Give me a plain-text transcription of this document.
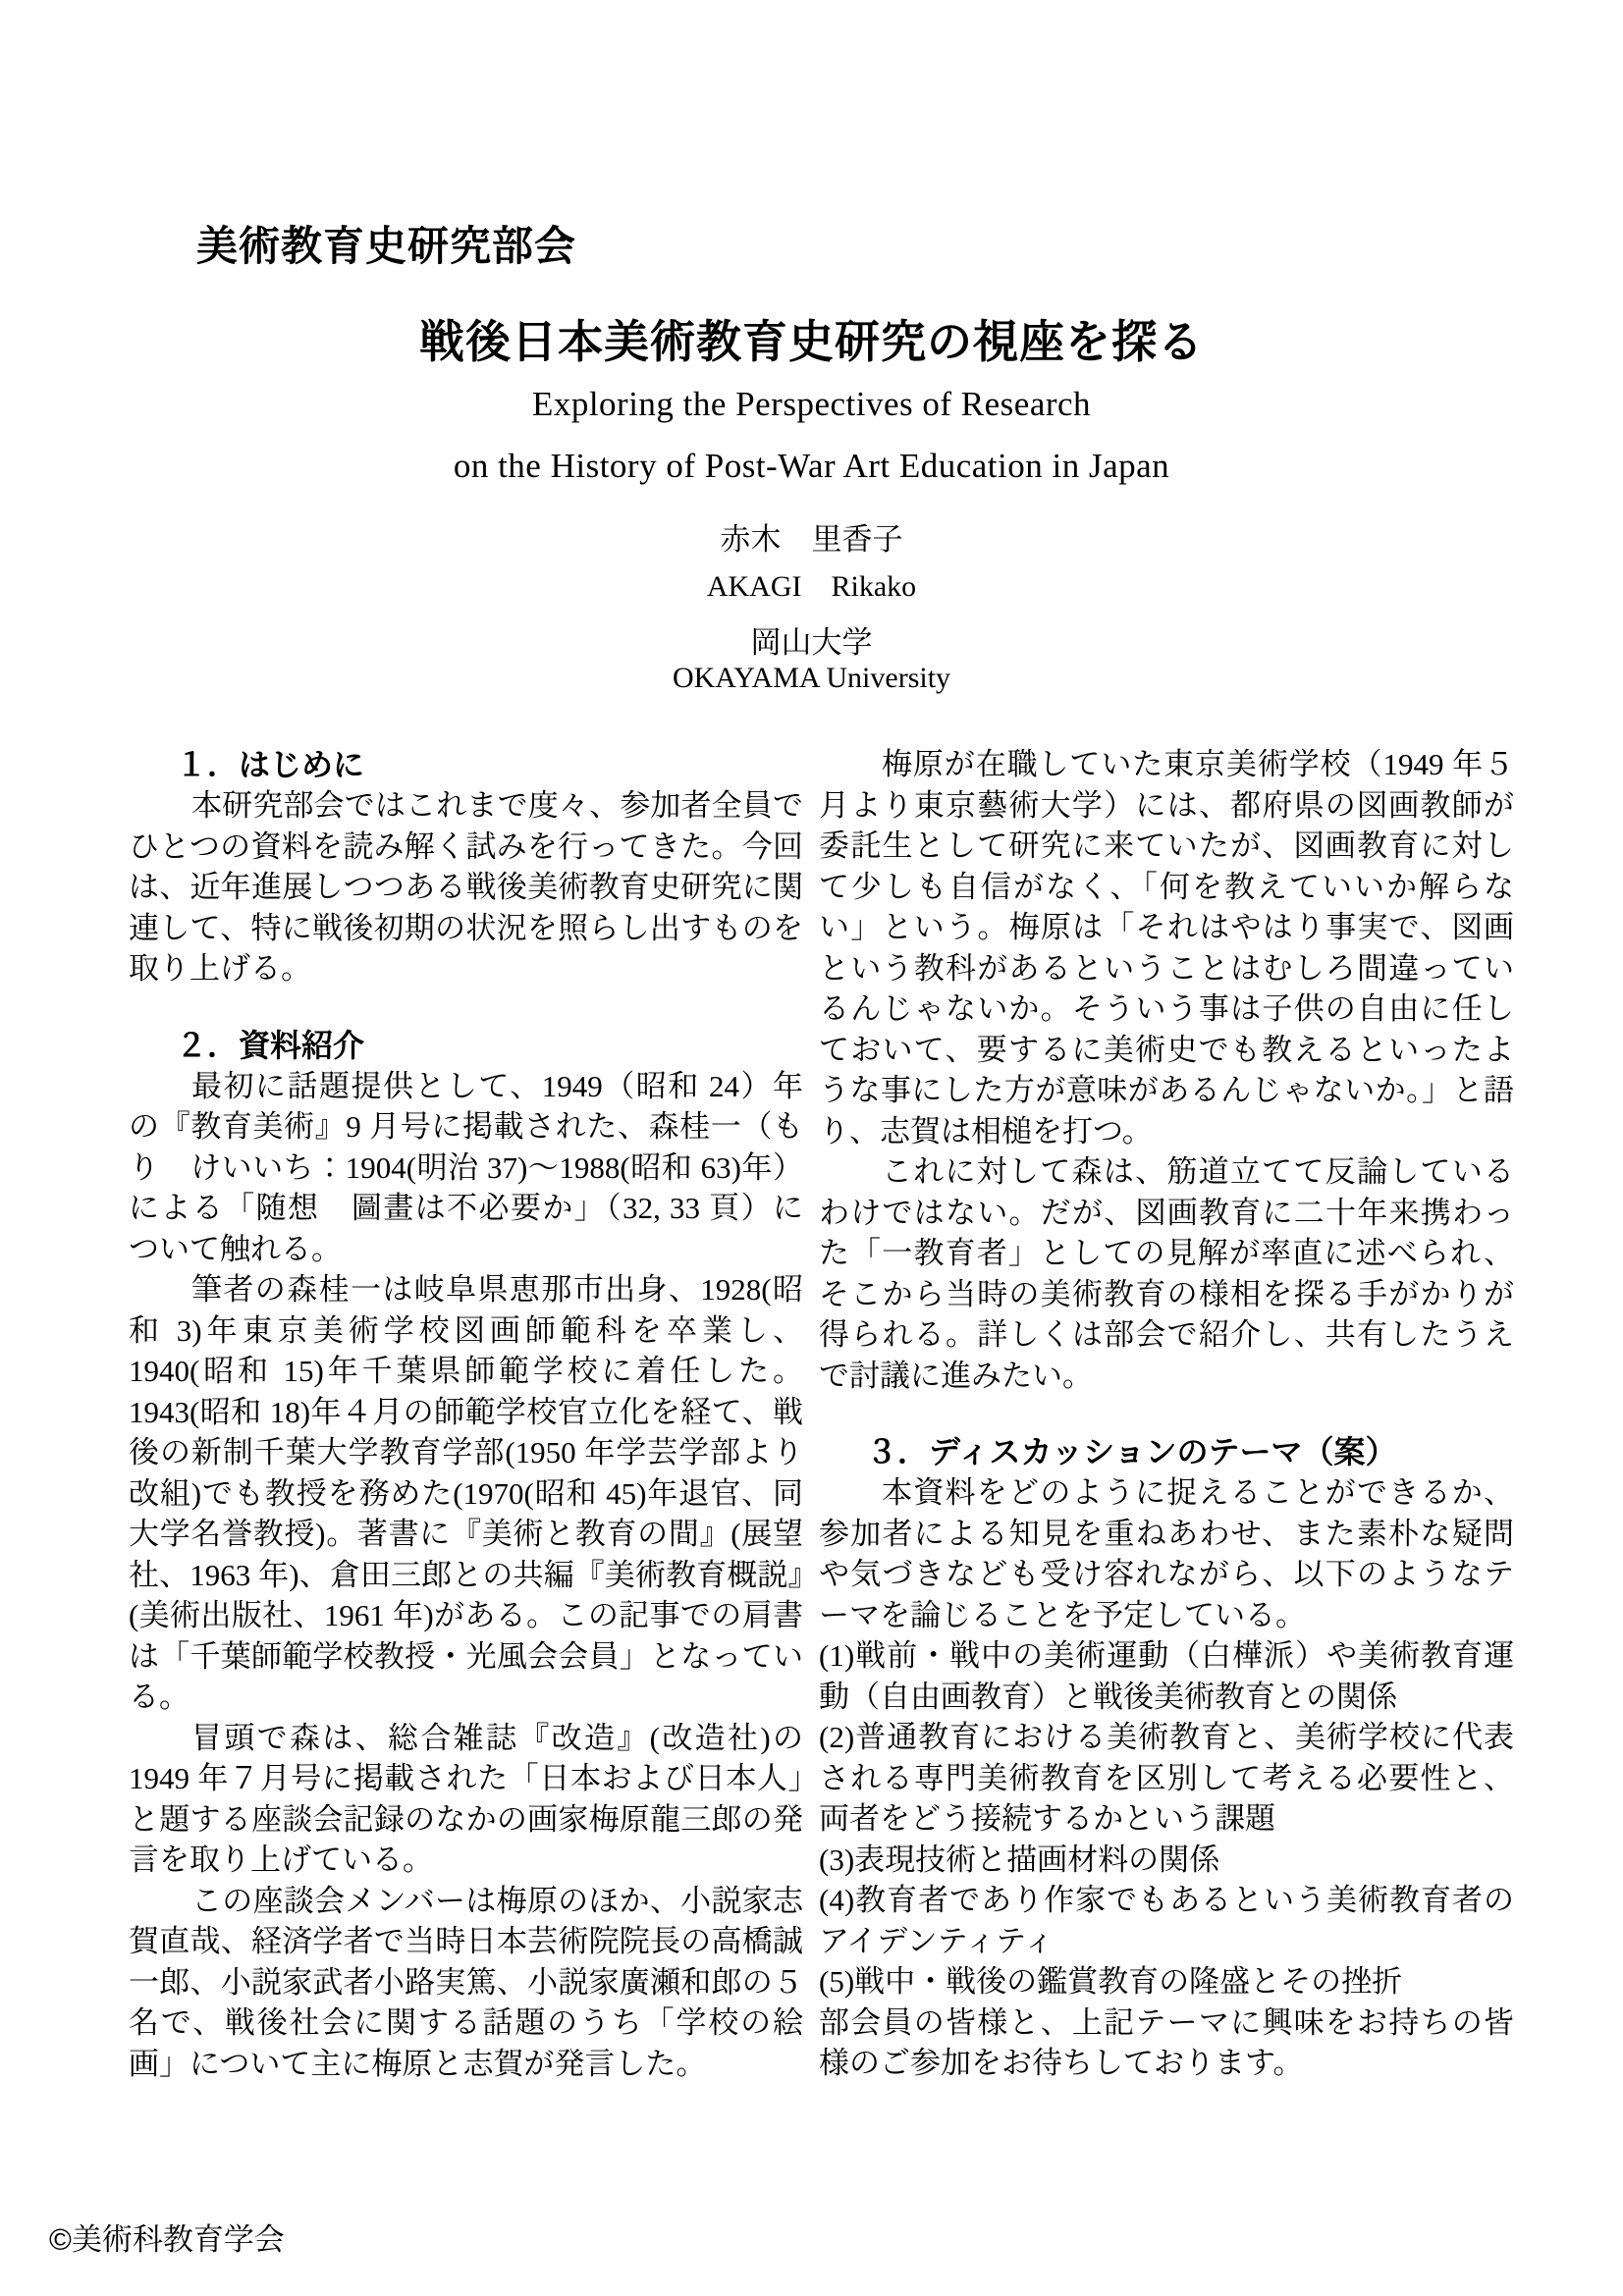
美術教育史研究部会
戦後日本美術教育史研究の視座を探る
Exploring the Perspectives of Research
on the History of Post-War Art Education in Japan
赤木　里香子
AKAGI　Rikako
岡山大学
OKAYAMA University
１．はじめに
本研究部会ではこれまで度々、参加者全員でひとつの資料を読み解く試みを行ってきた。今回は、近年進展しつつある戦後美術教育史研究に関連して、特に戦後初期の状況を照らし出すものを取り上げる。
２．資料紹介
最初に話題提供として、1949（昭和 24）年の『教育美術』9 月号に掲載された、森桂一（もり　けいいち：1904(明治 37)～1988(昭和 63)年）による「随想　圖畫は不必要か」（32, 33 頁）について触れる。
筆者の森桂一は岐阜県恵那市出身、1928(昭和 3)年東京美術学校図画師範科を卒業し、1940(昭和 15)年千葉県師範学校に着任した。1943(昭和 18)年４月の師範学校官立化を経て、戦後の新制千葉大学教育学部(1950 年学芸学部より改組)でも教授を務めた(1970(昭和 45)年退官、同大学名誉教授)。著書に『美術と教育の間』(展望社、1963 年)、倉田三郎との共編『美術教育概説』(美術出版社、1961 年)がある。この記事での肩書は「千葉師範学校教授・光風会会員」となっている。
冒頭で森は、総合雑誌『改造』(改造社)の 1949 年７月号に掲載された「日本および日本人」と題する座談会記録のなかの画家梅原龍三郎の発言を取り上げている。
この座談会メンバーは梅原のほか、小説家志賀直哉、経済学者で当時日本芸術院院長の高橋誠一郎、小説家武者小路実篤、小説家廣瀬和郎の５名で、戦後社会に関する話題のうち「学校の絵画」について主に梅原と志賀が発言した。
梅原が在職していた東京美術学校（1949 年５月より東京藝術大学）には、都府県の図画教師が委託生として研究に来ていたが、図画教育に対して少しも自信がなく、「何を教えていいか解らない」という。梅原は「それはやはり事実で、図画という教科があるということはむしろ間違っているんじゃないか。そういう事は子供の自由に任しておいて、要するに美術史でも教えるといったような事にした方が意味があるんじゃないか。」と語り、志賀は相槌を打つ。
これに対して森は、筋道立てて反論しているわけではない。だが、図画教育に二十年来携わった「一教育者」としての見解が率直に述べられ、そこから当時の美術教育の様相を探る手がかりが得られる。詳しくは部会で紹介し、共有したうえで討議に進みたい。
３．ディスカッションのテーマ（案）
本資料をどのように捉えることができるか、参加者による知見を重ねあわせ、また素朴な疑問や気づきなども受け容れながら、以下のようなテーマを論じることを予定している。
(1)戦前・戦中の美術運動（白樺派）や美術教育運動（自由画教育）と戦後美術教育との関係
(2)普通教育における美術教育と、美術学校に代表される専門美術教育を区別して考える必要性と、両者をどう接続するかという課題
(3)表現技術と描画材料の関係
(4)教育者であり作家でもあるという美術教育者のアイデンティティ
(5)戦中・戦後の鑑賞教育の隆盛とその挫折
部会員の皆様と、上記テーマに興味をお持ちの皆様のご参加をお待ちしております。
©美術科教育学会
